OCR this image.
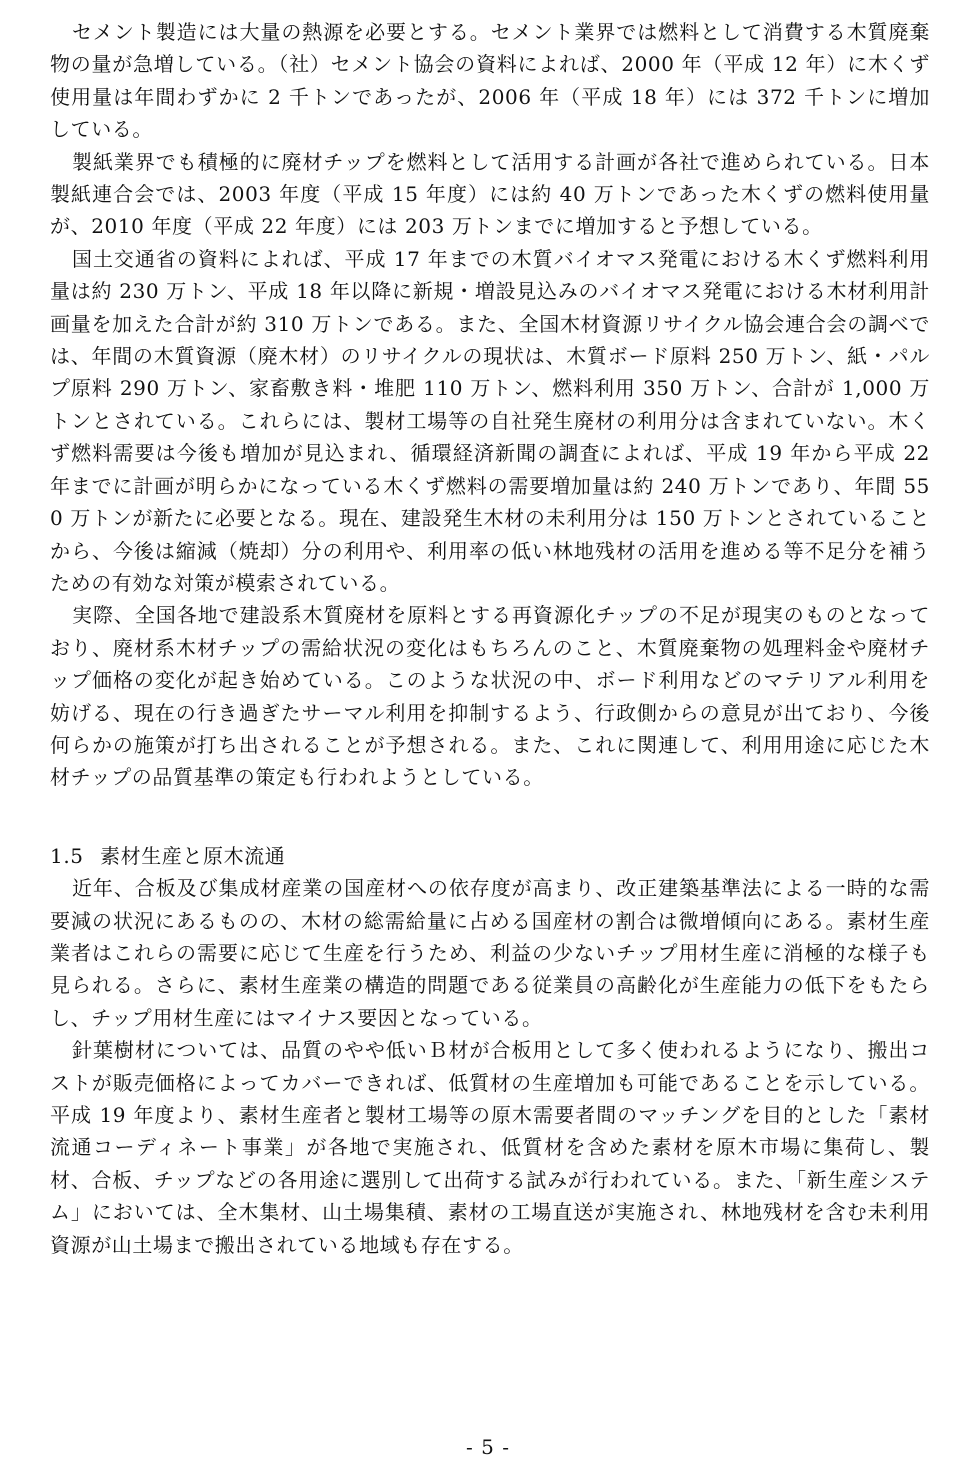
セメント製造には大量の熱源を必要とする。セメント業界では燃料として消費する木質廃棄物の量が急増している。（社）セメント協会の資料によれば、2000 年（平成 12 年）に木くず使用量は年間わずかに 2 千トンであったが、2006 年（平成 18 年）には 372 千トンに増加している。

製紙業界でも積極的に廃材チップを燃料として活用する計画が各社で進められている。日本製紙連合会では、2003 年度（平成 15 年度）には約 40 万トンであった木くずの燃料使用量が、2010 年度（平成 22 年度）には 203 万トンまでに増加すると予想している。

国土交通省の資料によれば、平成 17 年までの木質バイオマス発電における木くず燃料利用量は約 230 万トン、平成 18 年以降に新規・増設見込みのバイオマス発電における木材利用計画量を加えた合計が約 310 万トンである。また、全国木材資源リサイクル協会連合会の調べでは、年間の木質資源（廃木材）のリサイクルの現状は、木質ボード原料 250 万トン、紙・パルプ原料 290 万トン、家畜敷き料・堆肥 110 万トン、燃料利用 350 万トン、合計が 1,000 万トンとされている。これらには、製材工場等の自社発生廃材の利用分は含まれていない。木くず燃料需要は今後も増加が見込まれ、循環経済新聞の調査によれば、平成 19 年から平成 22 年までに計画が明らかになっている木くず燃料の需要増加量は約 240 万トンであり、年間 550 万トンが新たに必要となる。現在、建設発生木材の未利用分は 150 万トンとされていることから、今後は縮減（焼却）分の利用や、利用率の低い林地残材の活用を進める等不足分を補うための有効な対策が模索されている。

実際、全国各地で建設系木質廃材を原料とする再資源化チップの不足が現実のものとなっており、廃材系木材チップの需給状況の変化はもちろんのこと、木質廃棄物の処理料金や廃材チップ価格の変化が起き始めている。このような状況の中、ボード利用などのマテリアル利用を妨げる、現在の行き過ぎたサーマル利用を抑制するよう、行政側からの意見が出ており、今後何らかの施策が打ち出されることが予想される。また、これに関連して、利用用途に応じた木材チップの品質基準の策定も行われようとしている。

1.5 素材生産と原木流通

近年、合板及び集成材産業の国産材への依存度が高まり、改正建築基準法による一時的な需要減の状況にあるものの、木材の総需給量に占める国産材の割合は微増傾向にある。素材生産業者はこれらの需要に応じて生産を行うため、利益の少ないチップ用材生産に消極的な様子も見られる。さらに、素材生産業の構造的問題である従業員の高齢化が生産能力の低下をもたらし、チップ用材生産にはマイナス要因となっている。

針葉樹材については、品質のやや低いＢ材が合板用として多く使われるようになり、搬出コストが販売価格によってカバーできれば、低質材の生産増加も可能であることを示している。平成 19 年度より、素材生産者と製材工場等の原木需要者間のマッチングを目的とした「素材流通コーディネート事業」が各地で実施され、低質材を含めた素材を原木市場に集荷し、製材、合板、チップなどの各用途に選別して出荷する試みが行われている。また、「新生産システム」においては、全木集材、山土場集積、素材の工場直送が実施され、林地残材を含む未利用資源が山土場まで搬出されている地域も存在する。

- 5 -
